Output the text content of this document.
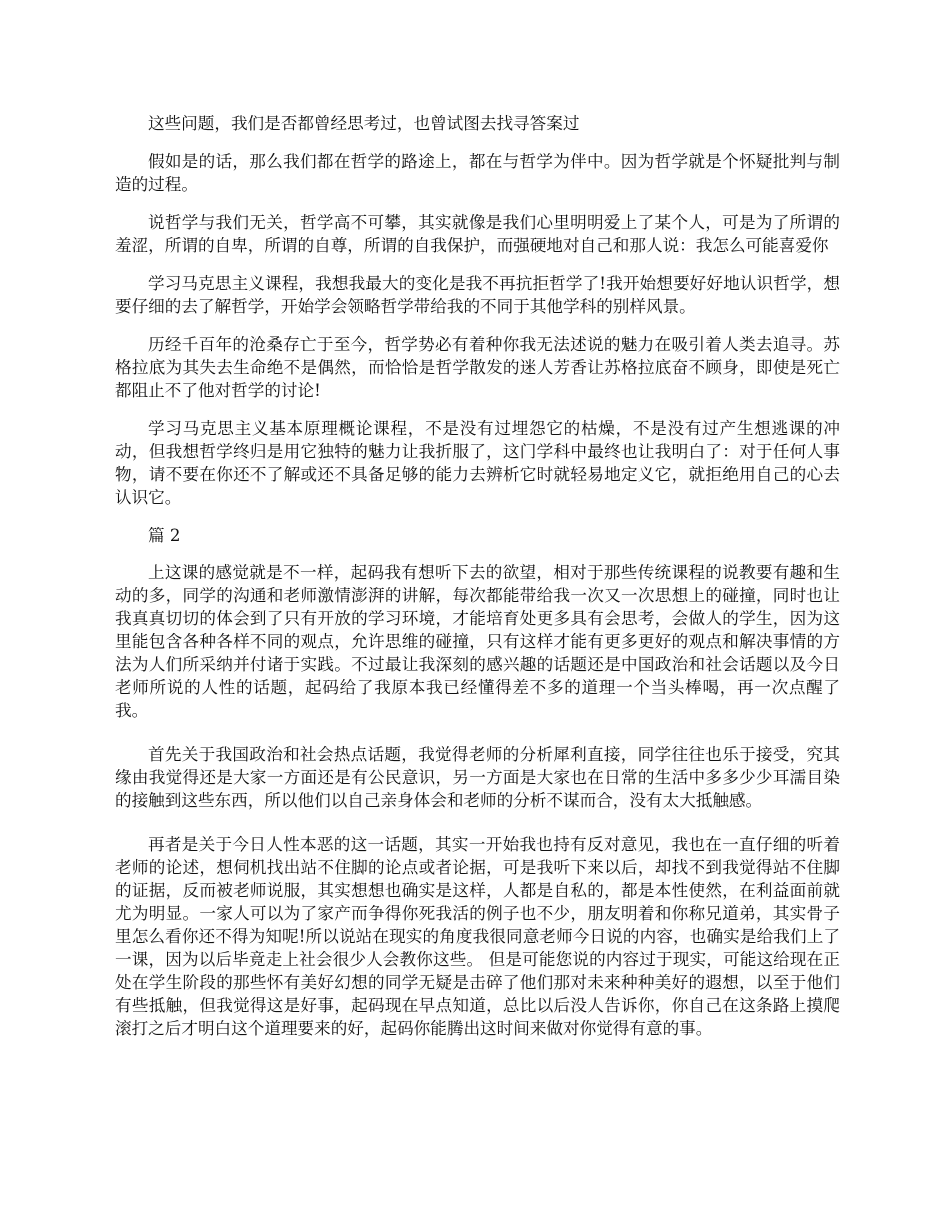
这些问题，我们是否都曾经思考过，也曾试图去找寻答案过

假如是的话，那么我们都在哲学的路途上，都在与哲学为伴中。因为哲学就是个怀疑批判与制造的过程。

说哲学与我们无关，哲学高不可攀，其实就像是我们心里明明爱上了某个人，可是为了所谓的羞涩，所谓的自卑，所谓的自尊，所谓的自我保护，而强硬地对自己和那人说：我怎么可能喜爱你

学习马克思主义课程，我想我最大的变化是我不再抗拒哲学了!我开始想要好好地认识哲学，想要仔细的去了解哲学，开始学会领略哲学带给我的不同于其他学科的别样风景。

历经千百年的沧桑存亡于至今，哲学势必有着种你我无法述说的魅力在吸引着人类去追寻。苏格拉底为其失去生命绝不是偶然，而恰恰是哲学散发的迷人芳香让苏格拉底奋不顾身，即使是死亡都阻止不了他对哲学的讨论!

学习马克思主义基本原理概论课程，不是没有过埋怨它的枯燥，不是没有过产生想逃课的冲动，但我想哲学终归是用它独特的魅力让我折服了，这门学科中最终也让我明白了：对于任何人事物，请不要在你还不了解或还不具备足够的能力去辨析它时就轻易地定义它，就拒绝用自己的心去认识它。

篇 2

上这课的感觉就是不一样，起码我有想听下去的欲望，相对于那些传统课程的说教要有趣和生动的多，同学的沟通和老师激情澎湃的讲解，每次都能带给我一次又一次思想上的碰撞，同时也让我真真切切的体会到了只有开放的学习环境，才能培育处更多具有会思考，会做人的学生，因为这里能包含各种各样不同的观点，允许思维的碰撞，只有这样才能有更多更好的观点和解决事情的方法为人们所采纳并付诸于实践。不过最让我深刻的感兴趣的话题还是中国政治和社会话题以及今日老师所说的人性的话题，起码给了我原本我已经懂得差不多的道理一个当头棒喝，再一次点醒了我。

首先关于我国政治和社会热点话题，我觉得老师的分析犀利直接，同学往往也乐于接受，究其缘由我觉得还是大家一方面还是有公民意识，另一方面是大家也在日常的生活中多多少少耳濡目染的接触到这些东西，所以他们以自己亲身体会和老师的分析不谋而合，没有太大抵触感。

再者是关于今日人性本恶的这一话题，其实一开始我也持有反对意见，我也在一直仔细的听着老师的论述，想伺机找出站不住脚的论点或者论据，可是我听下来以后，却找不到我觉得站不住脚的证据，反而被老师说服，其实想想也确实是这样，人都是自私的，都是本性使然，在利益面前就尤为明显。一家人可以为了家产而争得你死我活的例子也不少，朋友明着和你称兄道弟，其实骨子里怎么看你还不得为知呢!所以说站在现实的角度我很同意老师今日说的内容，也确实是给我们上了一课，因为以后毕竟走上社会很少人会教你这些。 但是可能您说的内容过于现实，可能这给现在正处在学生阶段的那些怀有美好幻想的同学无疑是击碎了他们那对未来种种美好的遐想，以至于他们有些抵触，但我觉得这是好事，起码现在早点知道，总比以后没人告诉你，你自己在这条路上摸爬滚打之后才明白这个道理要来的好，起码你能腾出这时间来做对你觉得有意的事。
